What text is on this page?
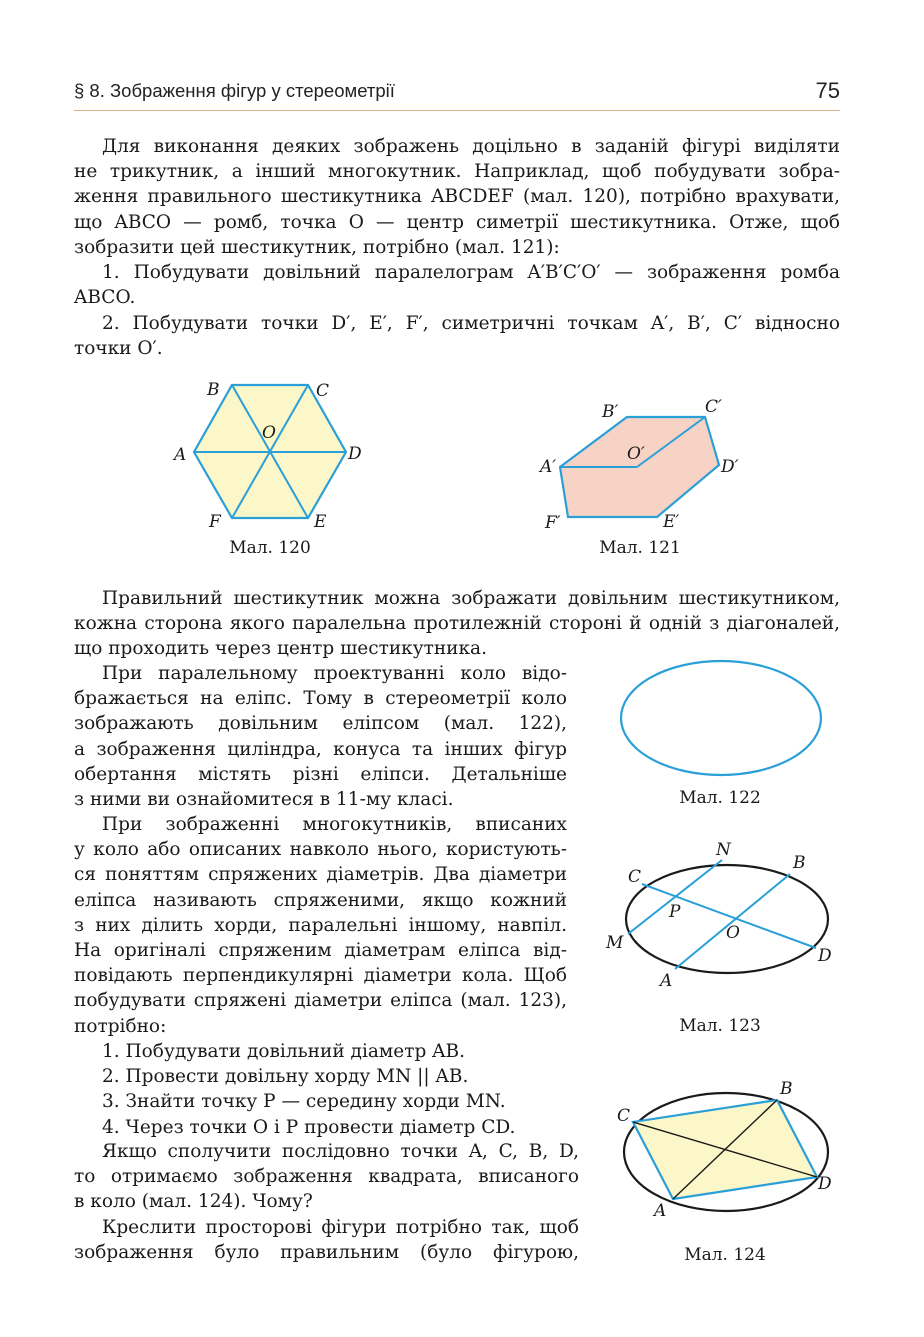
§ 8. Зображення фігур у стереометрії	75
Для виконання деяких зображень доцільно в заданій фігурі виділяти
не трикутник, а інший многокутник. Наприклад, щоб побудувати зобра-
ження правильного шестикутника ABCDEF (мал. 120), потрібно врахувати,
що ABCO — ромб, точка O — центр симетрії шестикутника. Отже, щоб
зобразити цей шестикутник, потрібно (мал. 121):
1. Побудувати довільний паралелограм A′B′C′O′ — зображення ромба
ABCO.
2. Побудувати точки D′, E′, F′, симетричні точкам A′, B′, C′ відносно
точки O′.
B	C
O
A	D
F	E
Мал. 120
B′	C′
O′
A′	D′
F′	E′
Мал. 121
Правильний шестикутник можна зображати довільним шестикутником,
кожна сторона якого паралельна протилежній стороні й одній з діагоналей,
що проходить через центр шестикутника.
При паралельному проектуванні коло відо-
бражається на еліпс. Тому в стереометрії коло
зображають довільним еліпсом (мал. 122),
а зображення циліндра, конуса та інших фігур
обертання містять різні еліпси. Детальніше
з ними ви ознайомитеся в 11-му класі.
При зображенні многокутників, вписаних
у коло або описаних навколо нього, користують-
ся поняттям спряжених діаметрів. Два діаметри
еліпса називають спряженими, якщо кожний
з них ділить хорди, паралельні іншому, навпіл.
На оригіналі спряженим діаметрам еліпса від-
повідають перпендикулярні діаметри кола. Щоб
побудувати спряжені діаметри еліпса (мал. 123),
потрібно:
1. Побудувати довільний діаметр AB.
2. Провести довільну хорду MN || AB.
3. Знайти точку P — середину хорди MN.
4. Через точки O і P провести діаметр CD.
Якщо сполучити послідовно точки A, C, B, D,
то отримаємо зображення квадрата, вписаного
в коло (мал. 124). Чому?
Креслити просторові фігури потрібно так, щоб
зображення було правильним (було фігурою,
Мал. 122
N
B
C
P
O
M
D
A
Мал. 123
B
C
D
A
Мал. 124
